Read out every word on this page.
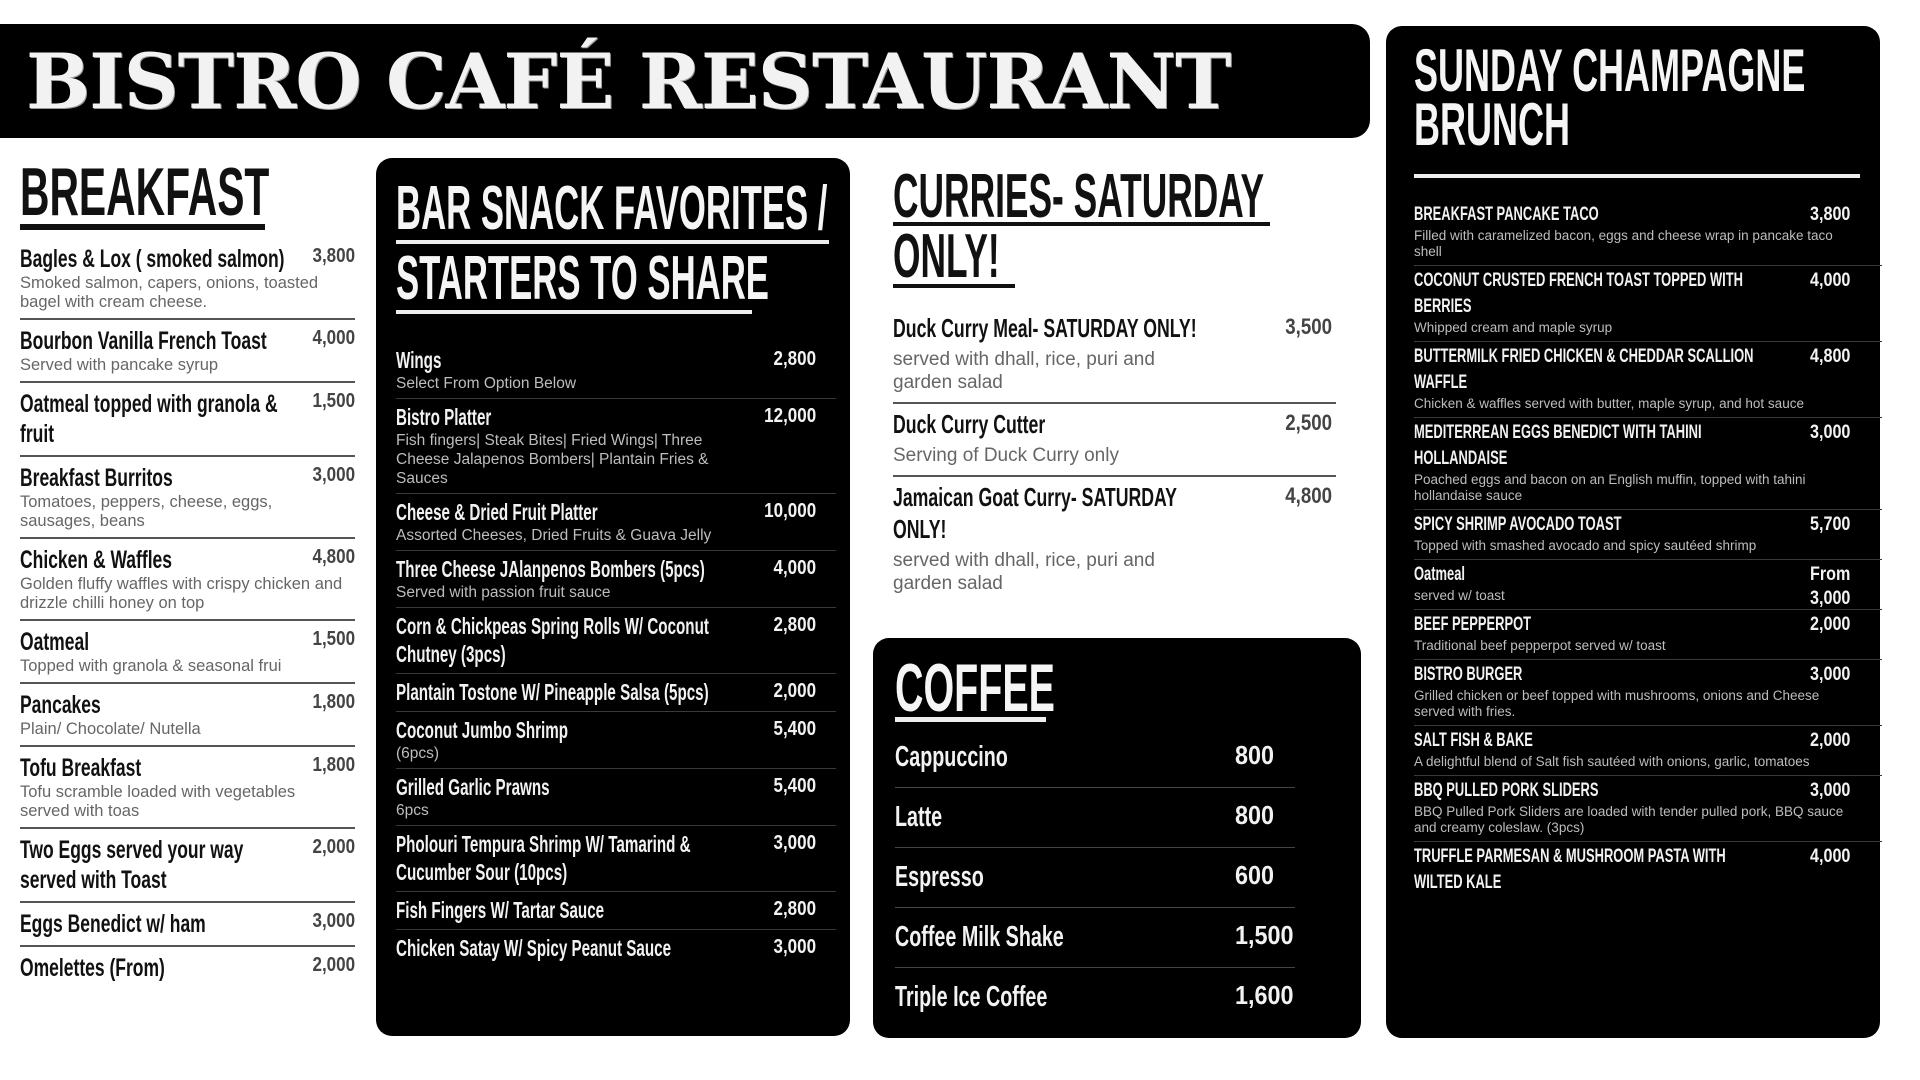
BISTRO CAFÉ RESTAURANT
BREAKFAST
Bagles & Lox ( smoked salmon) 3,800
Smoked salmon, capers, onions, toasted bagel with cream cheese.
Bourbon Vanilla French Toast 4,000
Served with pancake syrup
Oatmeal topped with granola &
fruit
1,500
Breakfast Burritos	3,000
Tomatoes, peppers, cheese, eggs, sausages, beans
Chicken & Waffles	4,800
Golden fluffy waffles with crispy chicken and drizzle chilli honey on top
Oatmeal	1,500
Topped with granola & seasonal frui
Pancakes	1,800
Plain/ Chocolate/ Nutella
Tofu Breakfast	1,800
Tofu scramble loaded with vegetables served with toas
Two Eggs served your way
served with Toast
2,000
Eggs Benedict w/ ham	3,000
Omelettes (From)	2,000
BAR SNACK FAVORITES /
STARTERS TO SHARE
Wings	2,800
Select From Option Below
Bistro Platter	12,000
Fish fingers| Steak Bites| Fried Wings| Three Cheese Jalapenos Bombers| Plantain Fries & Sauces
Cheese & Dried Fruit Platter	10,000
Assorted Cheeses, Dried Fruits & Guava Jelly
Three Cheese JAlanpenos Bombers (5pcs)	4,000
Served with passion fruit sauce
Corn & Chickpeas Spring Rolls W/ Coconut
Chutney (3pcs)
2,800
Plantain Tostone W/ Pineapple Salsa (5pcs)	2,000
Coconut Jumbo Shrimp	5,400
(6pcs)
Grilled Garlic Prawns	5,400
6pcs
Pholouri Tempura Shrimp W/ Tamarind &
Cucumber Sour (10pcs)
3,000
Fish Fingers W/ Tartar Sauce	2,800
Chicken Satay W/ Spicy Peanut Sauce	3,000
CURRIES- SATURDAY
ONLY!
Duck Curry Meal- SATURDAY ONLY!	3,500
served with dhall, rice, puri and garden salad
Duck Curry Cutter	2,500
Serving of Duck Curry only
Jamaican Goat Curry- SATURDAY
ONLY!
4,800
served with dhall, rice, puri and garden salad
COFFEE
Cappuccino	800
Latte	800
Espresso	600
Coffee Milk Shake	1,500
Triple Ice Coffee	1,600
SUNDAY CHAMPAGNE
BRUNCH
BREAKFAST PANCAKE TACO	3,800
Filled with caramelized bacon, eggs and cheese wrap in pancake taco shell
COCONUT CRUSTED FRENCH TOAST TOPPED WITH
BERRIES
4,000
Whipped cream and maple syrup
BUTTERMILK FRIED CHICKEN & CHEDDAR SCALLION
WAFFLE
4,800
Chicken & waffles served with butter, maple syrup, and hot sauce
MEDITERREAN EGGS BENEDICT WITH TAHINI
HOLLANDAISE
3,000
Poached eggs and bacon on an English muffin, topped with tahini hollandaise sauce
SPICY SHRIMP AVOCADO TOAST	5,700
Topped with smashed avocado and spicy sautéed shrimp
Oatmeal	From
3,000
served w/ toast
BEEF PEPPERPOT	2,000
Traditional beef pepperpot served w/ toast
BISTRO BURGER	3,000
Grilled chicken or beef topped with mushrooms, onions and Cheese served with fries.
SALT FISH & BAKE	2,000
A delightful blend of Salt fish sautéed with onions, garlic, tomatoes
BBQ PULLED PORK SLIDERS	3,000
BBQ Pulled Pork Sliders are loaded with tender pulled pork, BBQ sauce and creamy coleslaw. (3pcs)
TRUFFLE PARMESAN & MUSHROOM PASTA WITH
WILTED KALE
4,000
